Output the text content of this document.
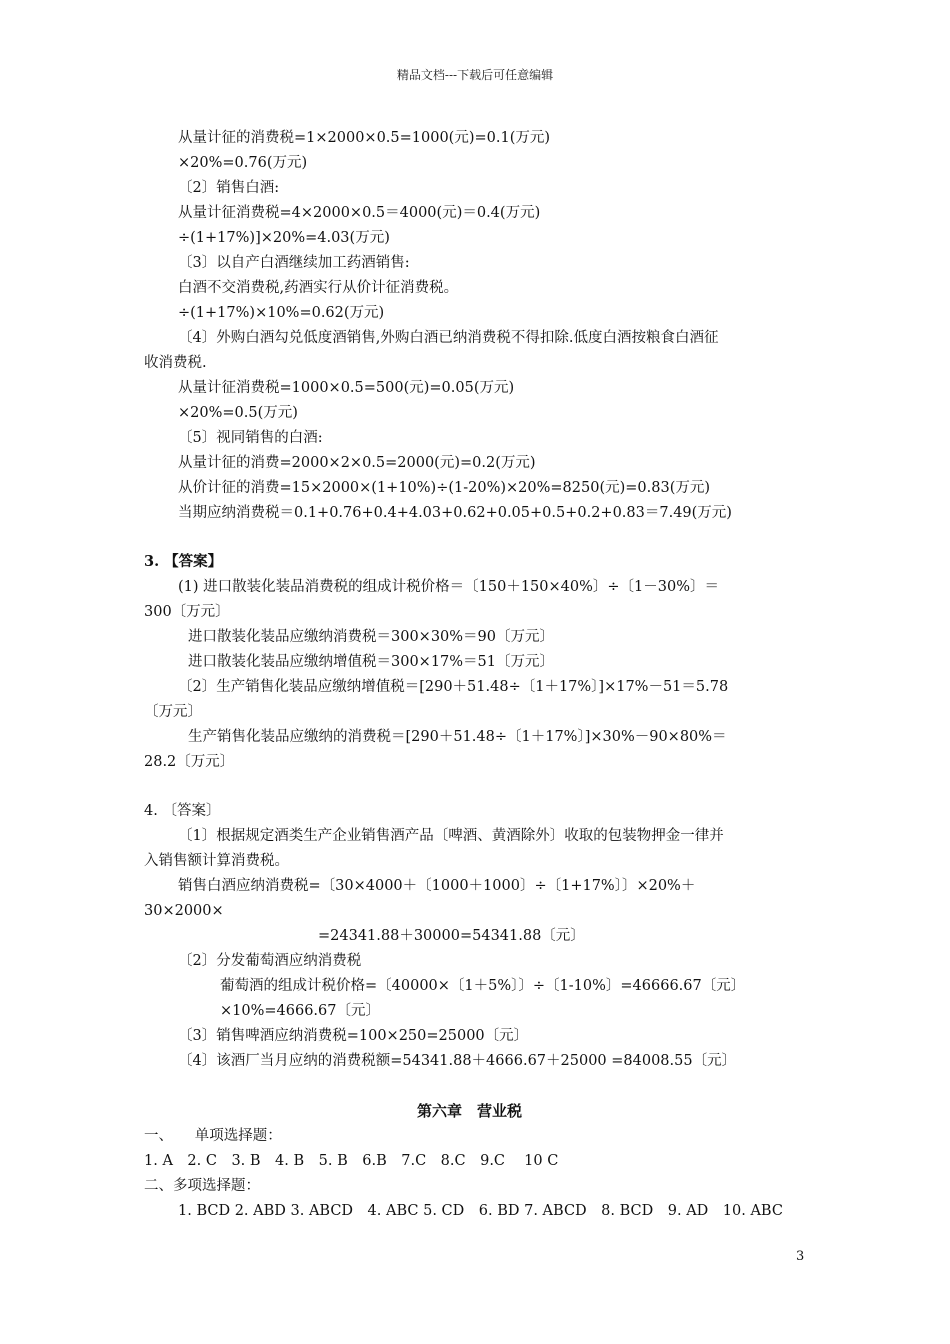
精品文档---下载后可任意编辑
从量计征的消费税=1×2000×0.5=1000(元)=0.1(万元)
×20%=0.76(万元)
〔2〕销售白酒:
从量计征消费税=4×2000×0.5＝4000(元)＝0.4(万元)
÷(1+17%)]×20%=4.03(万元)
〔3〕以自产白酒继续加工药酒销售:
白酒不交消费税,药酒实行从价计征消费税。
÷(1+17%)×10%=0.62(万元)
〔4〕外购白酒勾兑低度酒销售,外购白酒已纳消费税不得扣除.低度白酒按粮食白酒征
收消费税.
从量计征消费税=1000×0.5=500(元)=0.05(万元)
×20%=0.5(万元)
〔5〕视同销售的白酒:
从量计征的消费=2000×2×0.5=2000(元)=0.2(万元)
从价计征的消费=15×2000×(1+10%)÷(1-20%)×20%=8250(元)=0.83(万元)
当期应纳消费税＝0.1+0.76+0.4+4.03+0.62+0.05+0.5+0.2+0.83＝7.49(万元)
3. 【答案】
(1) 进口散装化装品消费税的组成计税价格＝〔150＋150×40%〕÷〔1－30%〕＝
300〔万元〕
进口散装化装品应缴纳消费税＝300×30%＝90〔万元〕
进口散装化装品应缴纳增值税＝300×17%＝51〔万元〕
〔2〕生产销售化装品应缴纳增值税＝[290＋51.48÷〔1＋17%〕]×17%－51＝5.78
〔万元〕
生产销售化装品应缴纳的消费税＝[290＋51.48÷〔1＋17%〕]×30%－90×80%＝
28.2〔万元〕
4. 〔答案〕
〔1〕根据规定酒类生产企业销售酒产品〔啤酒、黄酒除外〕收取的包装物押金一律并
入销售额计算消费税。
销售白酒应纳消费税=〔30×4000＋〔1000＋1000〕÷〔1+17%〕〕×20%＋
30×2000×
=24341.88＋30000=54341.88〔元〕
〔2〕分发葡萄酒应纳消费税
葡萄酒的组成计税价格=〔40000×〔1＋5%〕〕÷〔1-10%〕=46666.67〔元〕
×10%=4666.67〔元〕
〔3〕销售啤酒应纳消费税=100×250=25000〔元〕
〔4〕该酒厂当月应纳的消费税额=54341.88＋4666.67＋25000 =84008.55〔元〕
第六章　营业税
一、　　单项选择题：
1. A　2. C　3. B　4. B　5. B　6.B　7.C　8.C　9.C　 10 C
二、多项选择题：
1. BCD 2. ABD 3. ABCD　4. ABC 5. CD　6. BD 7. ABCD　8. BCD　9. AD　10. ABC
3
